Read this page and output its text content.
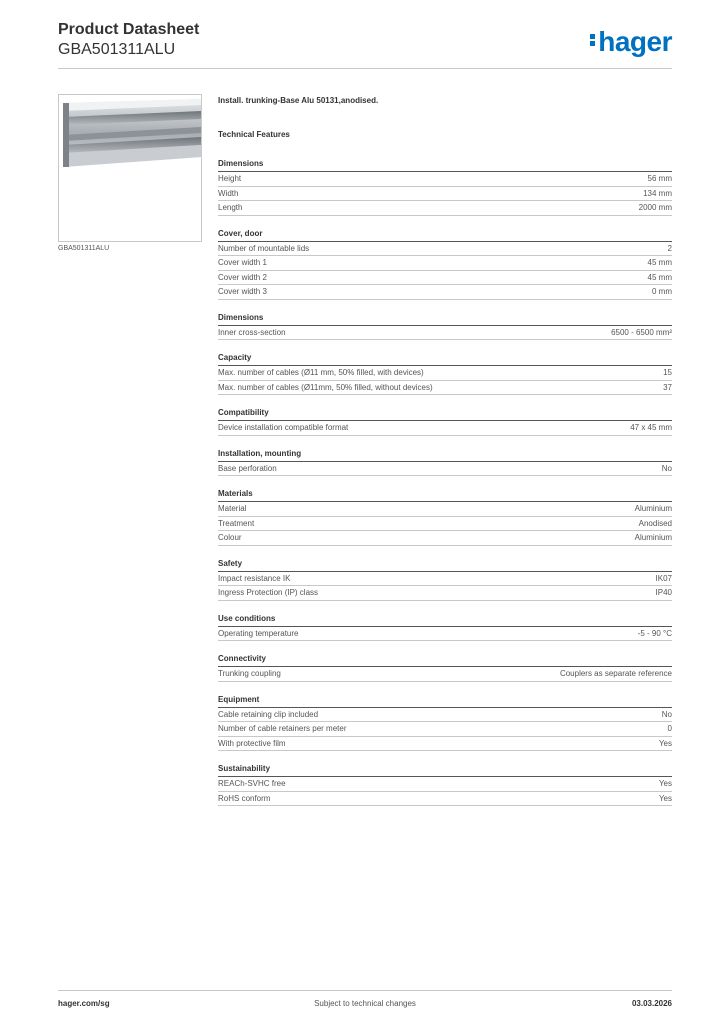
Product Datasheet
GBA501311ALU	hager
GBA501311ALU
Install. trunking-Base Alu 50131,anodised.
Technical Features
Dimensions
Height	56 mm
Width	134 mm
Length	2000 mm
Cover, door
Number of mountable lids	2
Cover width 1	45 mm
Cover width 2	45 mm
Cover width 3	0 mm
Dimensions
Inner cross-section	6500 - 6500 mm²
Capacity
Max. number of cables (Ø11 mm, 50% filled, with devices)	15
Max. number of cables (Ø11mm, 50% filled, without devices)	37
Compatibility
Device installation compatible format	47 x 45 mm
Installation, mounting
Base perforation	No
Materials
Material	Aluminium
Treatment	Anodised
Colour	Aluminium
Safety
Impact resistance IK	IK07
Ingress Protection (IP) class	IP40
Use conditions
Operating temperature	-5 - 90 °C
Connectivity
Trunking coupling	Couplers as separate reference
Equipment
Cable retaining clip included	No
Number of cable retainers per meter	0
With protective film	Yes
Sustainability
REACh-SVHC free	Yes
RoHS conform	Yes
Subject to technical changes
hager.com/sg	03.03.2026
